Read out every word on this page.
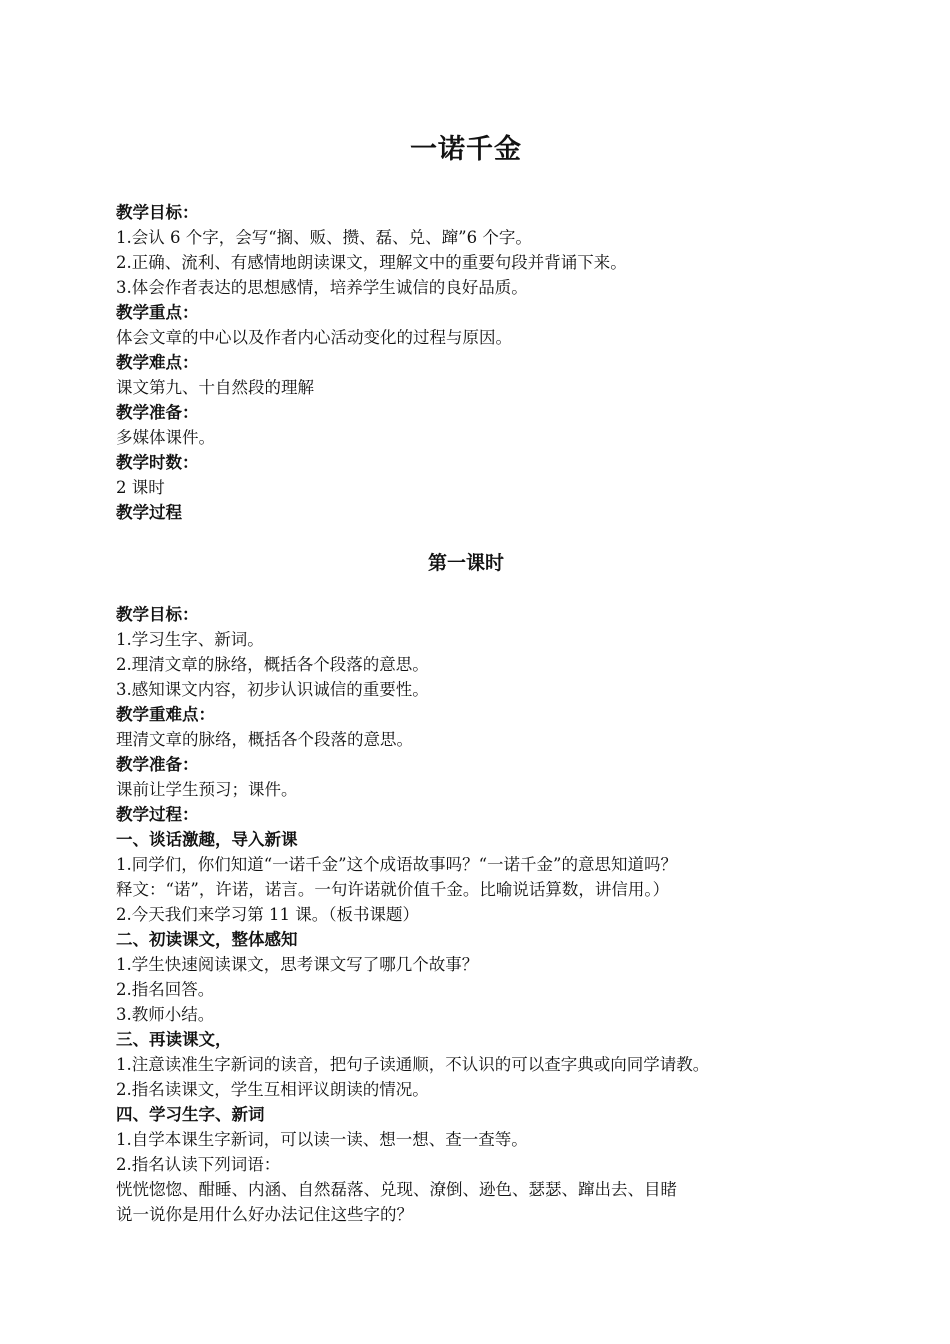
一诺千金
教学目标：
1.会认 6 个字，会写“搁、贩、攒、磊、兑、蹿”6 个字。
2.正确、流利、有感情地朗读课文，理解文中的重要句段并背诵下来。
3.体会作者表达的思想感情，培养学生诚信的良好品质。
教学重点：
体会文章的中心以及作者内心活动变化的过程与原因。
教学难点：
课文第九、十自然段的理解
教学准备：
多媒体课件。
教学时数：
2 课时
教学过程
第一课时
教学目标：
1.学习生字、新词。
2.理清文章的脉络，概括各个段落的意思。
3.感知课文内容，初步认识诚信的重要性。
教学重难点：
理清文章的脉络，概括各个段落的意思。
教学准备：
课前让学生预习；课件。
教学过程：
一、谈话激趣，导入新课
1.同学们，你们知道“一诺千金”这个成语故事吗？“一诺千金”的意思知道吗？
释文：“诺”，许诺，诺言。一句许诺就价值千金。比喻说话算数，讲信用。）
2.今天我们来学习第 11 课。（板书课题）
二、初读课文，整体感知
1.学生快速阅读课文，思考课文写了哪几个故事？
2.指名回答。
3.教师小结。
三、再读课文，
1.注意读准生字新词的读音，把句子读通顺，不认识的可以查字典或向同学请教。
2.指名读课文，学生互相评议朗读的情况。
四、学习生字、新词
1.自学本课生字新词，可以读一读、想一想、查一查等。
2.指名认读下列词语：
恍恍惚惚、酣睡、内涵、自然磊落、兑现、潦倒、逊色、瑟瑟、蹿出去、目睹
说一说你是用什么好办法记住这些字的？
